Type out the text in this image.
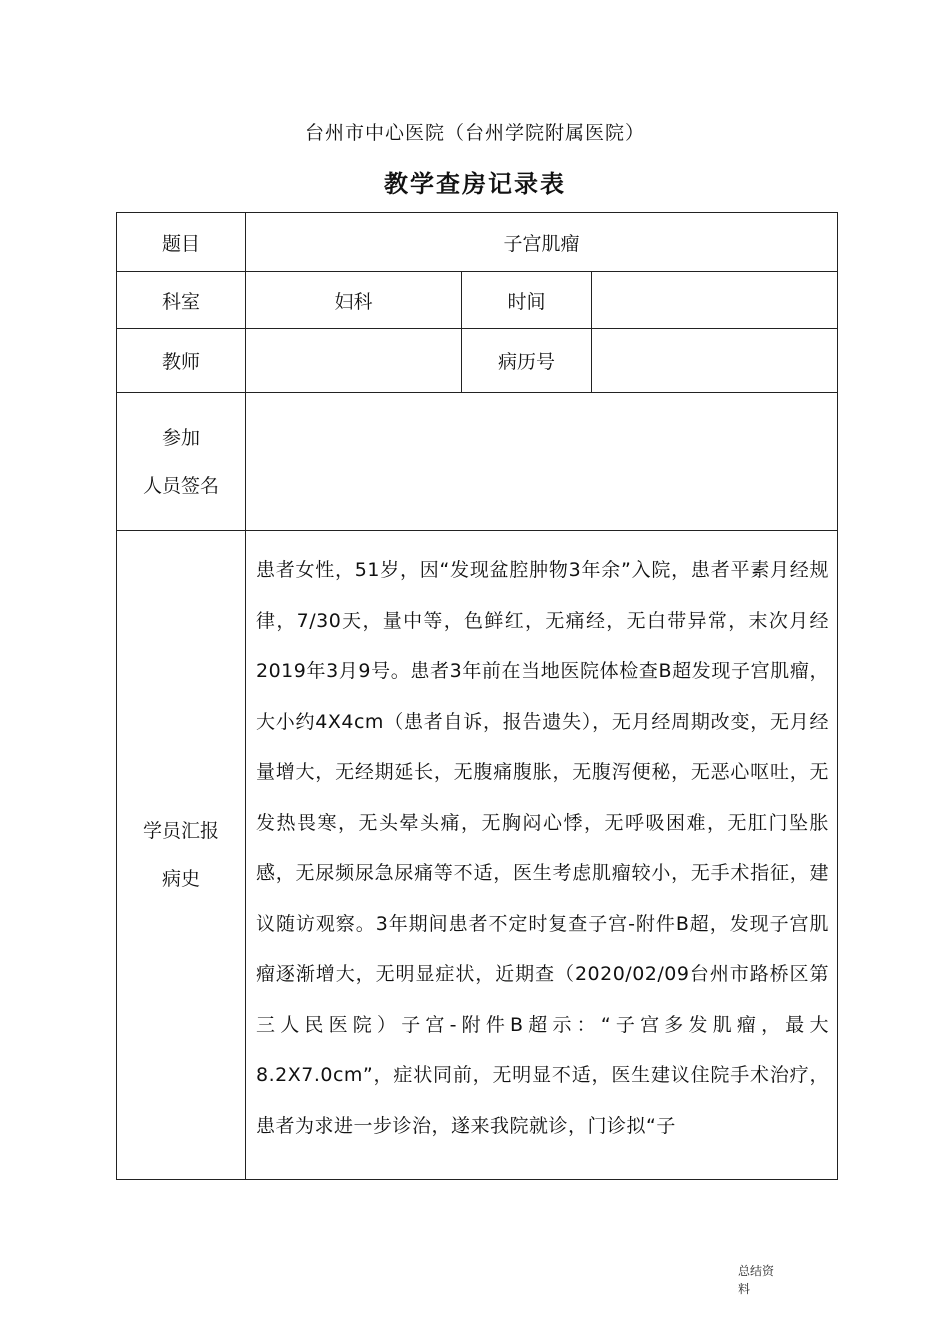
台州市中心医院（台州学院附属医院）
教学查房记录表
题目	子宫肌瘤		
科室	妇科	时间	
教师		病历号	

参加
人员签名			

学员汇报
病史	患者女性，51岁，因“发现盆腔肿物3年余”入院，患者平素月经规律，7/30天，量中等，色鲜红，无痛经，无白带异常，末次月经2019年3月9号。患者3年前在当地医院体检查B超发现子宫肌瘤，大小约4X4cm（患者自诉，报告遗失），无月经周期改变，无月经量增大，无经期延长，无腹痛腹胀，无腹泻便秘，无恶心呕吐，无发热畏寒，无头晕头痛，无胸闷心悸，无呼吸困难，无肛门坠胀感，无尿频尿急尿痛等不适，医生考虑肌瘤较小，无手术指征，建议随访观察。3年期间患者不定时复查子宫-附件B超，发现子宫肌瘤逐渐增大，无明显症状，近期查（2020/02/09台州市路桥区第三人民医院）子宫-附件B超示：“子宫多发肌瘤，最大8.2X7.0cm”，症状同前，无明显不适，医生建议住院手术治疗，患者为求进一步诊治，遂来我院就诊，门诊拟“子		
总结资
料
